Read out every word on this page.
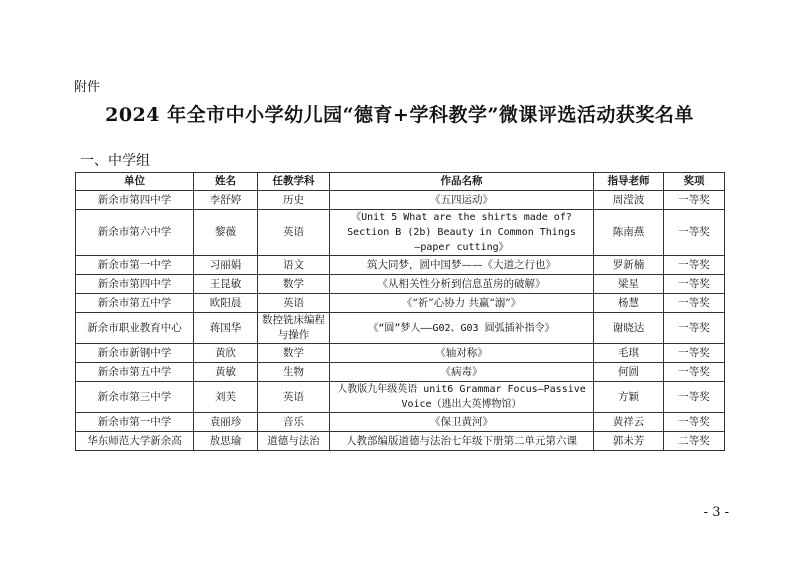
附件
2024 年全市中小学幼儿园“德育+学科教学”微课评选活动获奖名单
一、中学组
单位	姓名	任教学科	作品名称	指导老师	奖项
新余市第四中学	李舒婷	历史	《五四运动》	周滢波	一等奖
新余市第六中学	黎薇	英语	《Unit 5 What are the shirts made of?
Section B (2b) Beauty in Common Things
—paper cutting》	陈南燕	一等奖
新余市第一中学	习丽娟	语文	筑大同梦，圆中国梦——《大道之行也》	罗新楠	一等奖
新余市第四中学	王昆敏	数学	《从相关性分析到信息茧房的破解》	梁星	一等奖
新余市第五中学	欧阳晨	英语	《“祈”心协力 共赢“溺”》	杨慧	一等奖
新余市职业教育中心	蒋国华	数控铣床编程与操作	《“圆”梦人——G02、G03 圆弧插补指令》	谢晓达	一等奖
新余市新钢中学	黄欣	数学	《轴对称》	毛琪	一等奖
新余市第五中学	黄敏	生物	《病毒》	何圆	一等奖
新余市第三中学	刘芙	英语	人教版九年级英语 unit6 Grammar Focus—Passive
Voice（逃出大英博物馆）	方颖	一等奖
新余市第一中学	袁丽珍	音乐	《保卫黄河》	黄祥云	一等奖
华东师范大学新余高	敖思瑜	道德与法治	人教部编版道德与法治七年级下册第二单元第六课	郭未芳	二等奖
- 3 -
